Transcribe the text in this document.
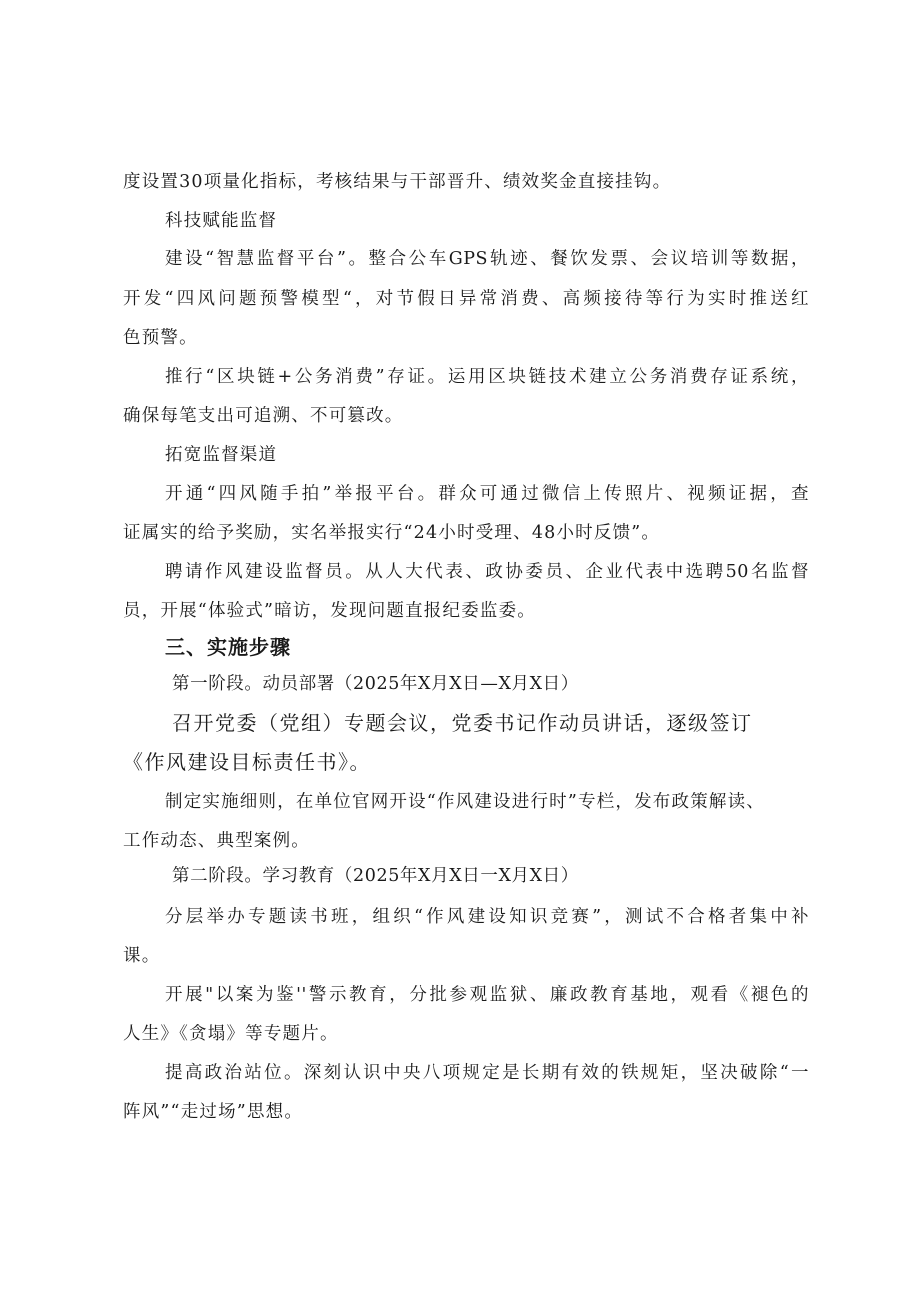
度设置30项量化指标，考核结果与干部晋升、绩效奖金直接挂钩。
科技赋能监督
建设“智慧监督平台”。整合公车GPS轨迹、餐饮发票、会议培训等数据，
开发“四风问题预警模型“，对节假日异常消费、高频接待等行为实时推送红
色预警。
推行“区块链+公务消费”存证。运用区块链技术建立公务消费存证系统，
确保每笔支出可追溯、不可篡改。
拓宽监督渠道
开通“四风随手拍”举报平台。群众可通过微信上传照片、视频证据，查
证属实的给予奖励，实名举报实行“24小时受理、48小时反馈”。
聘请作风建设监督员。从人大代表、政协委员、企业代表中选聘50名监督
员，开展“体验式”暗访，发现问题直报纪委监委。
三、实施步骤
第一阶段。动员部署（2025年X月X日—X月X日）
召开党委（党组）专题会议，党委书记作动员讲话，逐级签订
《作风建设目标责任书》。
制定实施细则，在单位官网开设“作风建设进行时”专栏，发布政策解读、
工作动态、典型案例。
第二阶段。学习教育（2025年X月X日一X月X日）
分层举办专题读书班，组织“作风建设知识竞赛”，测试不合格者集中补
课。
开展"以案为鉴''警示教育，分批参观监狱、廉政教育基地，观看《褪色的
人生》《贪塌》等专题片。
提高政治站位。深刻认识中央八项规定是长期有效的铁规矩，坚决破除“一
阵风”“走过场”思想。
